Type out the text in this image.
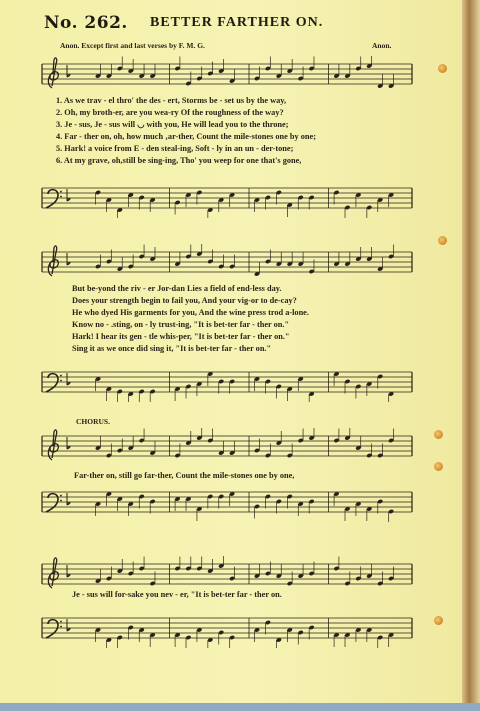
No. 262. BETTER FARTHER ON.
Anon. Except first and last verses by F. M. G.	Anon.
1. As we trav - el thro' the des - ert, Storms be - set us by the way,
2. Oh, my broth-er, are you wea-ry Of the roughness of the way?
3. Je - sus, Je - sus will ◡ with you, He will lead you to the throne;
4. Far - ther on, oh, how much ‚ar-ther, Count the mile-stones one by one;
5. Hark! a voice from E - den steal-ing, Soft - ly in an un - der-tone;
6. At my grave, oh,still be sing-ing, Tho' you weep for one that's gone,
But be-yond the riv - er Jor-dan Lies a field of end-less day.
Does your strength begin to fail you, And your vig-or to de-cay?
He who dyed His garments for you, And the wine press trod a-lone.
Know no - .sting, on - ly trust-ing, "It is bet-ter far - ther on."
Hark! I hear its gen - tle whis-per, "It is bet-ter far - ther on."
Sing it as we once did sing it, "It is bet-ter far - ther on."
CHORUS.
Far-ther on, still go far-ther, Count the mile-stones one by one,
Je - sus will for-sake you nev - er, "It is bet-ter far - ther on.
